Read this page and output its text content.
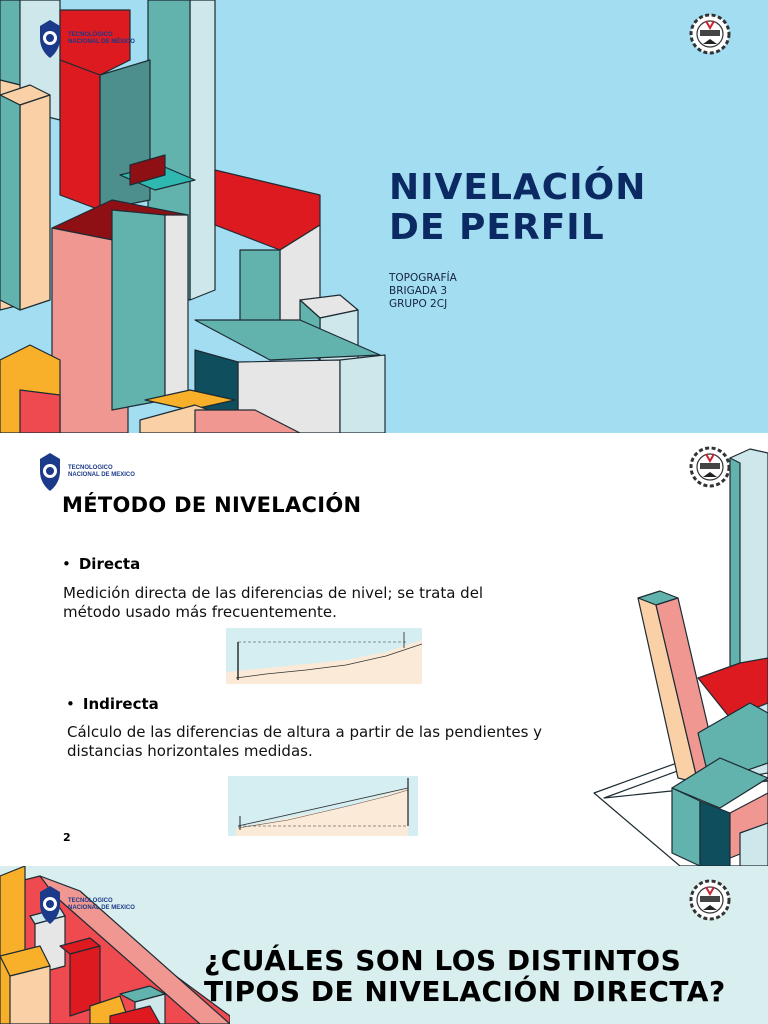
TECNOLÓGICO
NACIONAL DE MÉXICO
NIVELACIÓN
DE PERFIL
TOPOGRAFÍA
BRIGADA 3
GRUPO 2CJ
TECNOLOGICO
NACIONAL DE MEXICO
MÉTODO DE NIVELACIÓN
• Directa
Medición directa de las diferencias de nivel; se trata del
método usado más frecuentemente.
• Indirecta
Cálculo de las diferencias de altura a partir de las pendientes y
distancias horizontales medidas.
2
TECNOLOGICO
NACIONAL DE MEXICO
¿CUÁLES SON LOS DISTINTOS
TIPOS DE NIVELACIÓN DIRECTA?
